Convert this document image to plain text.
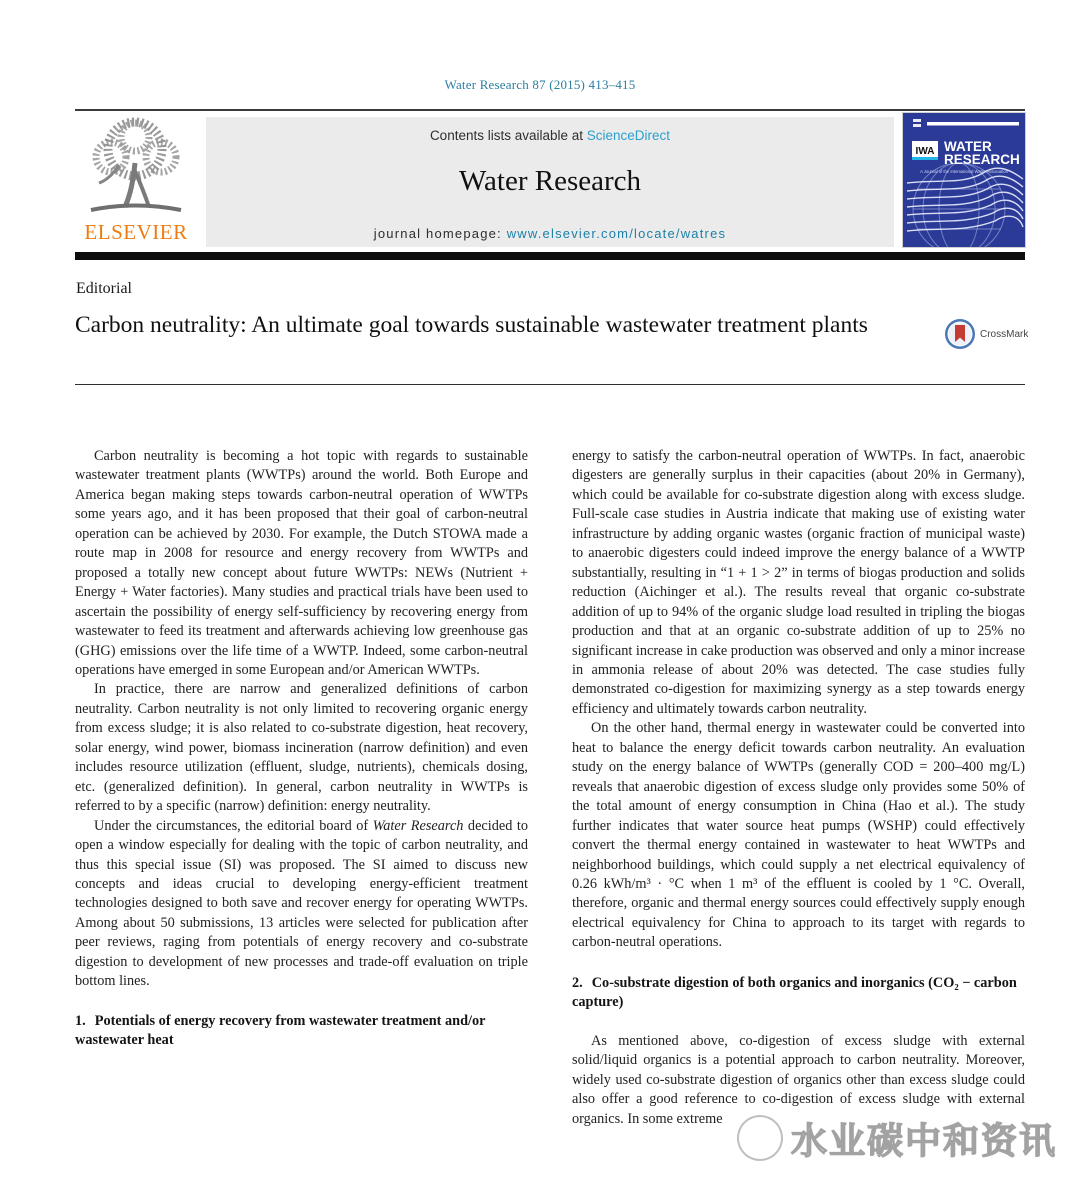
Water Research 87 (2015) 413–415
ELSEVIER
Contents lists available at ScienceDirect
Water Research
journal homepage: www.elsevier.com/locate/watres
IWA WATER
RESEARCH
A Journal of the International Water Association
Editorial
Carbon neutrality: An ultimate goal towards sustainable wastewater treatment plants	CrossMark

Carbon neutrality is becoming a hot topic with regards to sustainable wastewater treatment plants (WWTPs) around the world. Both Europe and America began making steps towards carbon-neutral operation of WWTPs some years ago, and it has been proposed that their goal of carbon-neutral operation can be achieved by 2030. For example, the Dutch STOWA made a route map in 2008 for resource and energy recovery from WWTPs and proposed a totally new concept about future WWTPs: NEWs (Nutrient + Energy + Water factories). Many studies and practical trials have been used to ascertain the possibility of energy self-sufficiency by recovering energy from wastewater to feed its treatment and afterwards achieving low greenhouse gas (GHG) emissions over the life time of a WWTP. Indeed, some carbon-neutral operations have emerged in some European and/or American WWTPs.

In practice, there are narrow and generalized definitions of carbon neutrality. Carbon neutrality is not only limited to recovering organic energy from excess sludge; it is also related to co-substrate digestion, heat recovery, solar energy, wind power, biomass incineration (narrow definition) and even includes resource utilization (effluent, sludge, nutrients), chemicals dosing, etc. (generalized definition). In general, carbon neutrality in WWTPs is referred to by a specific (narrow) definition: energy neutrality.

Under the circumstances, the editorial board of Water Research decided to open a window especially for dealing with the topic of carbon neutrality, and thus this special issue (SI) was proposed. The SI aimed to discuss new concepts and ideas crucial to developing energy-efficient treatment technologies designed to both save and recover energy for operating WWTPs. Among about 50 submissions, 13 articles were selected for publication after peer reviews, raging from potentials of energy recovery and co-substrate digestion to development of new processes and trade-off evaluation on triple bottom lines.

1. Potentials of energy recovery from wastewater treatment and/or wastewater heat

energy to satisfy the carbon-neutral operation of WWTPs. In fact, anaerobic digesters are generally surplus in their capacities (about 20% in Germany), which could be available for co-substrate digestion along with excess sludge. Full-scale case studies in Austria indicate that making use of existing water infrastructure by adding organic wastes (organic fraction of municipal waste) to anaerobic digesters could indeed improve the energy balance of a WWTP substantially, resulting in “1 + 1 > 2” in terms of biogas production and solids reduction (Aichinger et al.). The results reveal that organic co-substrate addition of up to 94% of the organic sludge load resulted in tripling the biogas production and that at an organic co-substrate addition of up to 25% no significant increase in cake production was observed and only a minor increase in ammonia release of about 20% was detected. The case studies fully demonstrated co-digestion for maximizing synergy as a step towards energy efficiency and ultimately towards carbon neutrality.

On the other hand, thermal energy in wastewater could be converted into heat to balance the energy deficit towards carbon neutrality. An evaluation study on the energy balance of WWTPs (generally COD = 200–400 mg/L) reveals that anaerobic digestion of excess sludge only provides some 50% of the total amount of energy consumption in China (Hao et al.). The study further indicates that water source heat pumps (WSHP) could effectively convert the thermal energy contained in wastewater to heat WWTPs and neighborhood buildings, which could supply a net electrical equivalency of 0.26 kWh/m³ · °C when 1 m³ of the effluent is cooled by 1 °C. Overall, therefore, organic and thermal energy sources could effectively supply enough electrical equivalency for China to approach to its target with regards to carbon-neutral operations.

2. Co-substrate digestion of both organics and inorganics (CO₂ − carbon capture)

As mentioned above, co-digestion of excess sludge with external solid/liquid organics is a potential approach to carbon neutrality. Moreover, widely used co-substrate digestion of organics other than excess sludge could also offer a good reference to co-digestion of excess sludge with external organics. In some extreme

水业碳中和资讯
